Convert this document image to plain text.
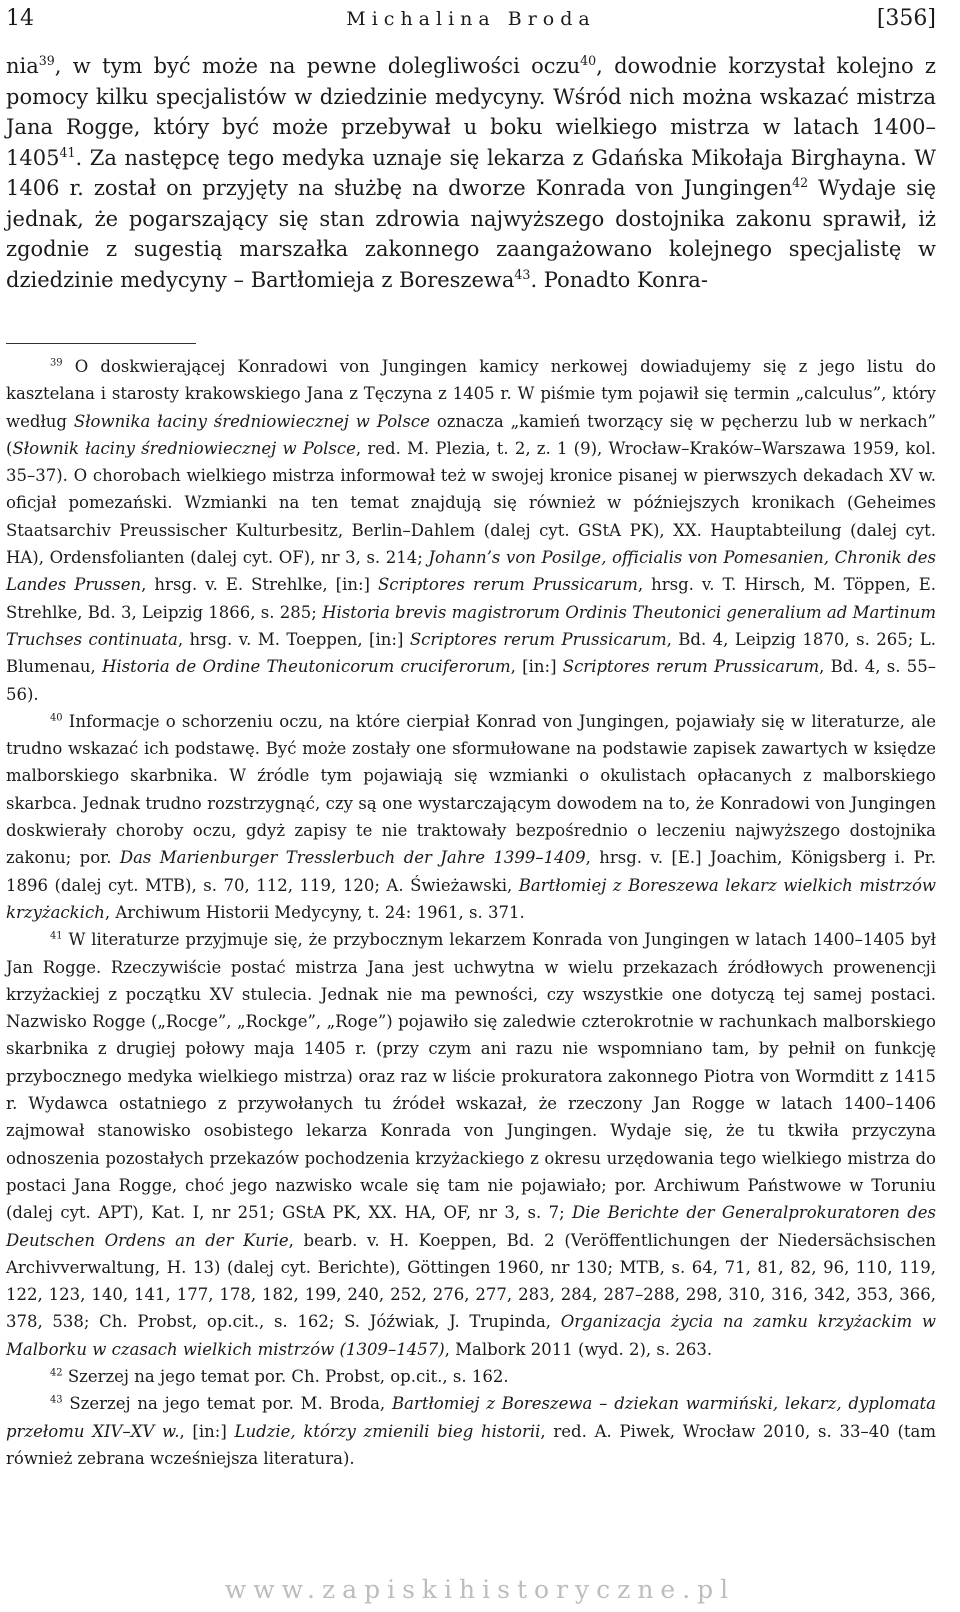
14	Michalina Broda	[356]

nia$^{39}$, w tym być może na pewne dolegliwości oczu$^{40}$, dowodnie korzystał kolejno z pomocy kilku specjalistów w dziedzinie medycyny. Wśród nich można wskazać mistrza Jana Rogge, który być może przebywał u boku wielkiego mistrza w latach 1400–1405$^{41}$. Za następcę tego medyka uznaje się lekarza z Gdańska Mikołaja Birghayna. W 1406 r. został on przyjęty na służbę na dworze Konrada von Jungingen$^{42}$ Wydaje się jednak, że pogarszający się stan zdrowia najwyższego dostojnika zakonu sprawił, iż zgodnie z sugestią marszałka zakonnego zaangażowano kolejnego specjalistę w dziedzinie medycyny – Bartłomieja z Boreszewa$^{43}$. Ponadto Konra-

$^{39}$ O doskwierającej Konradowi von Jungingen kamicy nerkowej dowiadujemy się z jego listu do kasztelana i starosty krakowskiego Jana z Tęczyna z 1405 r. W piśmie tym pojawił się termin „calculus”, który według Słownika łaciny średniowiecznej w Polsce oznacza „kamień tworzący się w pęcherzu lub w nerkach” (Słownik łaciny średniowiecznej w Polsce, red. M. Plezia, t. 2, z. 1 (9), Wrocław–Kraków–Warszawa 1959, kol. 35–37). O chorobach wielkiego mistrza informował też w swojej kronice pisanej w pierwszych dekadach XV w. oficjał pomezański. Wzmianki na ten temat znajdują się również w późniejszych kronikach (Geheimes Staatsarchiv Preussischer Kulturbesitz, Berlin–Dahlem (dalej cyt. GStA PK), XX. Hauptabteilung (dalej cyt. HA), Ordensfolianten (dalej cyt. OF), nr 3, s. 214; Johann’s von Posilge, officialis von Pomesanien, Chronik des Landes Prussen, hrsg. v. E. Strehlke, [in:] Scriptores rerum Prussicarum, hrsg. v. T. Hirsch, M. Töppen, E. Strehlke, Bd. 3, Leipzig 1866, s. 285; Historia brevis magistrorum Ordinis Theutonici generalium ad Martinum Truchses continuata, hrsg. v. M. Toeppen, [in:] Scriptores rerum Prussicarum, Bd. 4, Leipzig 1870, s. 265; L. Blumenau, Historia de Ordine Theutonicorum cruciferorum, [in:] Scriptores rerum Prussicarum, Bd. 4, s. 55–56).

$^{40}$ Informacje o schorzeniu oczu, na które cierpiał Konrad von Jungingen, pojawiały się w literaturze, ale trudno wskazać ich podstawę. Być może zostały one sformułowane na podstawie zapisek zawartych w księdze malborskiego skarbnika. W źródle tym pojawiają się wzmianki o okulistach opłacanych z malborskiego skarbca. Jednak trudno rozstrzygnąć, czy są one wystarczającym dowodem na to, że Konradowi von Jungingen doskwierały choroby oczu, gdyż zapisy te nie traktowały bezpośrednio o leczeniu najwyższego dostojnika zakonu; por. Das Marienburger Tresslerbuch der Jahre 1399–1409, hrsg. v. [E.] Joachim, Königsberg i. Pr. 1896 (dalej cyt. MTB), s. 70, 112, 119, 120; A. Świeżawski, Bartłomiej z Boreszewa lekarz wielkich mistrzów krzyżackich, Archiwum Historii Medycyny, t. 24: 1961, s. 371.

$^{41}$ W literaturze przyjmuje się, że przybocznym lekarzem Konrada von Jungingen w latach 1400–1405 był Jan Rogge. Rzeczywiście postać mistrza Jana jest uchwytna w wielu przekazach źródłowych prowenencji krzyżackiej z początku XV stulecia. Jednak nie ma pewności, czy wszystkie one dotyczą tej samej postaci. Nazwisko Rogge („Rocge”, „Rockge”, „Roge”) pojawiło się zaledwie czterokrotnie w rachunkach malborskiego skarbnika z drugiej połowy maja 1405 r. (przy czym ani razu nie wspomniano tam, by pełnił on funkcję przybocznego medyka wielkiego mistrza) oraz raz w liście prokuratora zakonnego Piotra von Wormditt z 1415 r. Wydawca ostatniego z przywołanych tu źródeł wskazał, że rzeczony Jan Rogge w latach 1400–1406 zajmował stanowisko osobistego lekarza Konrada von Jungingen. Wydaje się, że tu tkwiła przyczyna odnoszenia pozostałych przekazów pochodzenia krzyżackiego z okresu urzędowania tego wielkiego mistrza do postaci Jana Rogge, choć jego nazwisko wcale się tam nie pojawiało; por. Archiwum Państwowe w Toruniu (dalej cyt. APT), Kat. I, nr 251; GStA PK, XX. HA, OF, nr 3, s. 7; Die Berichte der Generalprokuratoren des Deutschen Ordens an der Kurie, bearb. v. H. Koeppen, Bd. 2 (Veröffentlichungen der Niedersächsischen Archivverwaltung, H. 13) (dalej cyt. Berichte), Göttingen 1960, nr 130; MTB, s. 64, 71, 81, 82, 96, 110, 119, 122, 123, 140, 141, 177, 178, 182, 199, 240, 252, 276, 277, 283, 284, 287–288, 298, 310, 316, 342, 353, 366, 378, 538; Ch. Probst, op.cit., s. 162; S. Jóźwiak, J. Trupinda, Organizacja życia na zamku krzyżackim w Malborku w czasach wielkich mistrzów (1309–1457), Malbork 2011 (wyd. 2), s. 263.

$^{42}$ Szerzej na jego temat por. Ch. Probst, op.cit., s. 162.

$^{43}$ Szerzej na jego temat por. M. Broda, Bartłomiej z Boreszewa – dziekan warmiński, lekarz, dyplomata przełomu XIV–XV w., [in:] Ludzie, którzy zmienili bieg historii, red. A. Piwek, Wrocław 2010, s. 33–40 (tam również zebrana wcześniejsza literatura).

www.zapiskihistoryczne.pl
